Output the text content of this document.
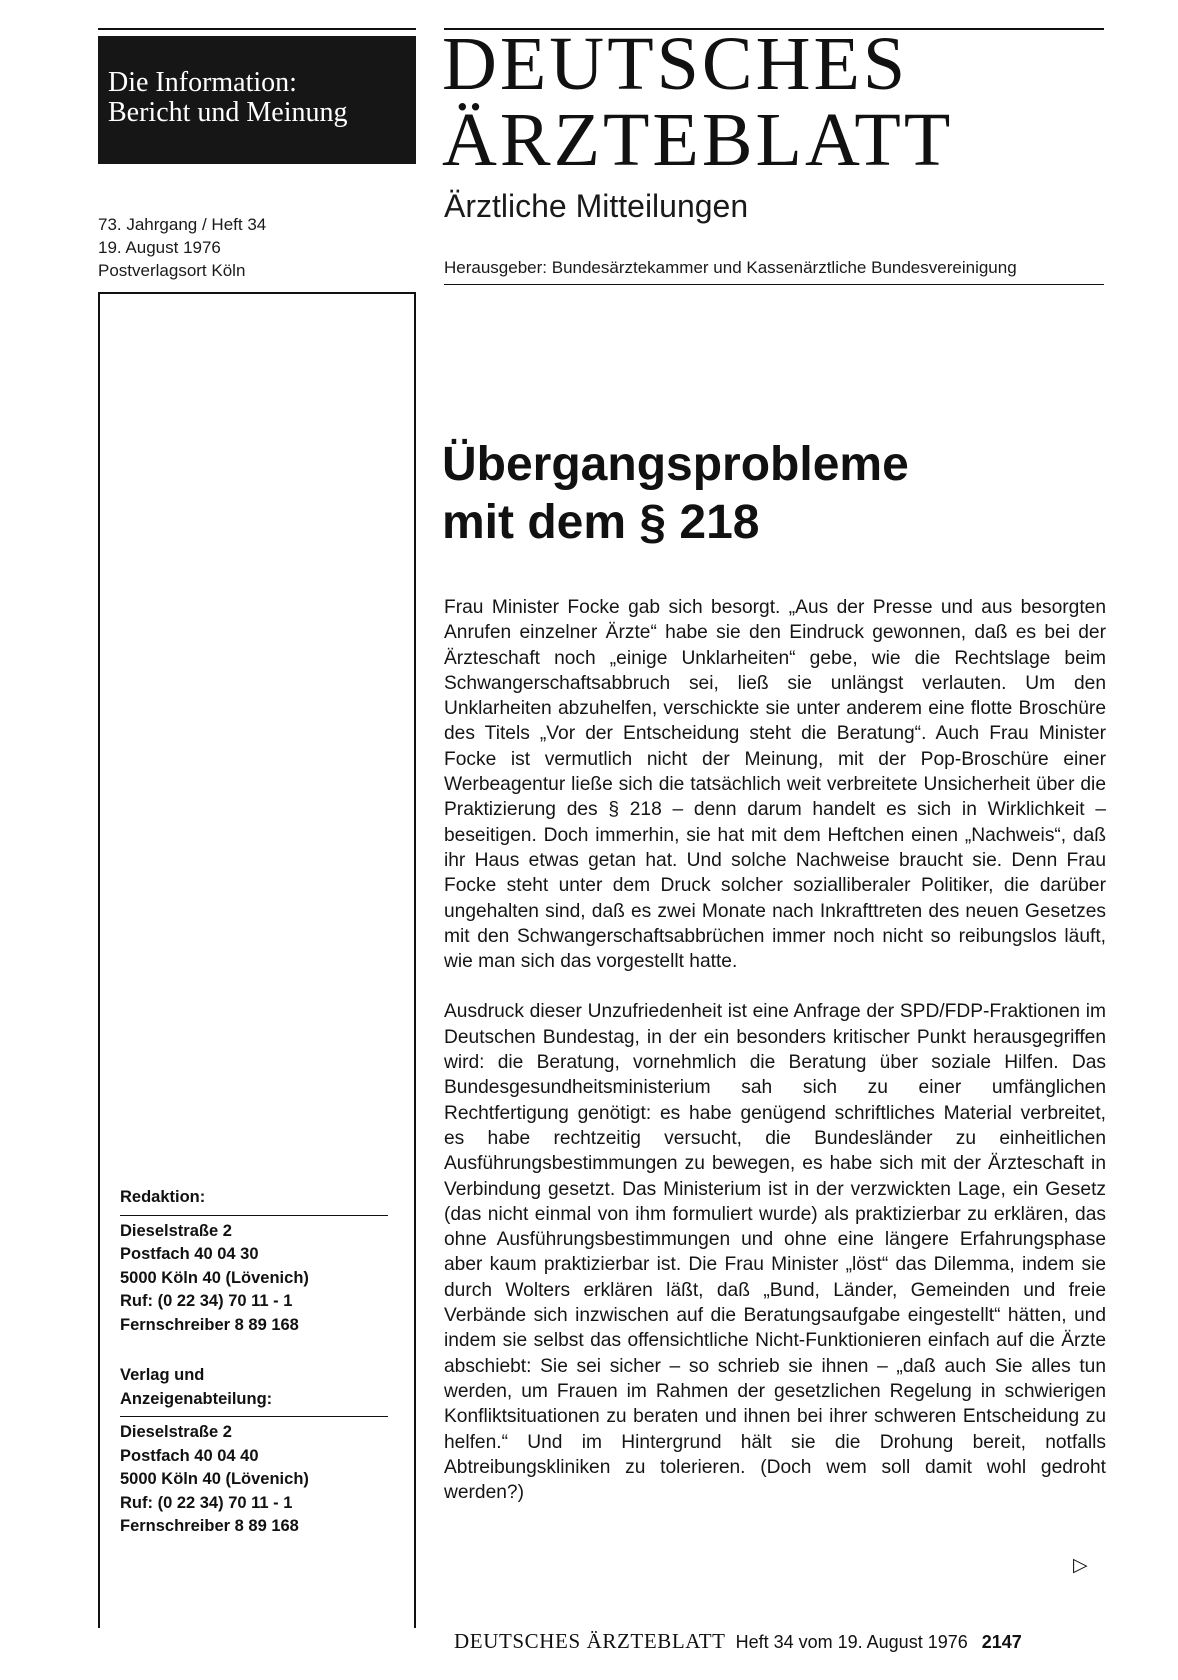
Die Information:
Bericht und Meinung
73. Jahrgang / Heft 34
19. August 1976
Postverlagsort Köln
Redaktion:
Dieselstraße 2
Postfach 40 04 30
5000 Köln 40 (Lövenich)
Ruf: (0 22 34) 70 11 - 1
Fernschreiber 8 89 168
Verlag und
Anzeigenabteilung:
Dieselstraße 2
Postfach 40 04 40
5000 Köln 40 (Lövenich)
Ruf: (0 22 34) 70 11 - 1
Fernschreiber 8 89 168
DEUTSCHES
ÄRZTEBLATT
Ärztliche Mitteilungen
Herausgeber: Bundesärztekammer und Kassenärztliche Bundesvereinigung
Übergangsprobleme
mit dem § 218

Frau Minister Focke gab sich besorgt. „Aus der Presse und aus besorgten Anrufen einzelner Ärzte“ habe sie den Eindruck gewonnen, daß es bei der Ärzteschaft noch „einige Unklarheiten“ gebe, wie die Rechtslage beim Schwangerschaftsabbruch sei, ließ sie unlängst verlauten. Um den Unklarheiten abzuhelfen, verschickte sie unter anderem eine flotte Broschüre des Titels „Vor der Entscheidung steht die Beratung“. Auch Frau Minister Focke ist vermutlich nicht der Meinung, mit der Pop-Broschüre einer Werbeagentur ließe sich die tatsächlich weit verbreitete Unsicherheit über die Praktizierung des § 218 – denn darum handelt es sich in Wirklichkeit – beseitigen. Doch immerhin, sie hat mit dem Heftchen einen „Nachweis“, daß ihr Haus etwas getan hat. Und solche Nachweise braucht sie. Denn Frau Focke steht unter dem Druck solcher sozialliberaler Politiker, die darüber ungehalten sind, daß es zwei Monate nach Inkrafttreten des neuen Gesetzes mit den Schwangerschaftsabbrüchen immer noch nicht so reibungslos läuft, wie man sich das vorgestellt hatte.

Ausdruck dieser Unzufriedenheit ist eine Anfrage der SPD/FDP-Fraktionen im Deutschen Bundestag, in der ein besonders kritischer Punkt herausgegriffen wird: die Beratung, vornehmlich die Beratung über soziale Hilfen. Das Bundesgesundheitsministerium sah sich zu einer umfänglichen Rechtfertigung genötigt: es habe genügend schriftliches Material verbreitet, es habe rechtzeitig versucht, die Bundesländer zu einheitlichen Ausführungsbestimmungen zu bewegen, es habe sich mit der Ärzteschaft in Verbindung gesetzt. Das Ministerium ist in der verzwickten Lage, ein Gesetz (das nicht einmal von ihm formuliert wurde) als praktizierbar zu erklären, das ohne Ausführungsbestimmungen und ohne eine längere Erfahrungsphase aber kaum praktizierbar ist. Die Frau Minister „löst“ das Dilemma, indem sie durch Wolters erklären läßt, daß „Bund, Länder, Gemeinden und freie Verbände sich inzwischen auf die Beratungsaufgabe eingestellt“ hätten, und indem sie selbst das offensichtliche Nicht-Funktionieren einfach auf die Ärzte abschiebt: Sie sei sicher – so schrieb sie ihnen – „daß auch Sie alles tun werden, um Frauen im Rahmen der gesetzlichen Regelung in schwierigen Konfliktsituationen zu beraten und ihnen bei ihrer schweren Entscheidung zu helfen.“ Und im Hintergrund hält sie die Drohung bereit, notfalls Abtreibungskliniken zu tolerieren. (Doch wem soll damit wohl gedroht werden?)

▷
DEUTSCHES ÄRZTEBLATT Heft 34 vom 19. August 1976 2147
